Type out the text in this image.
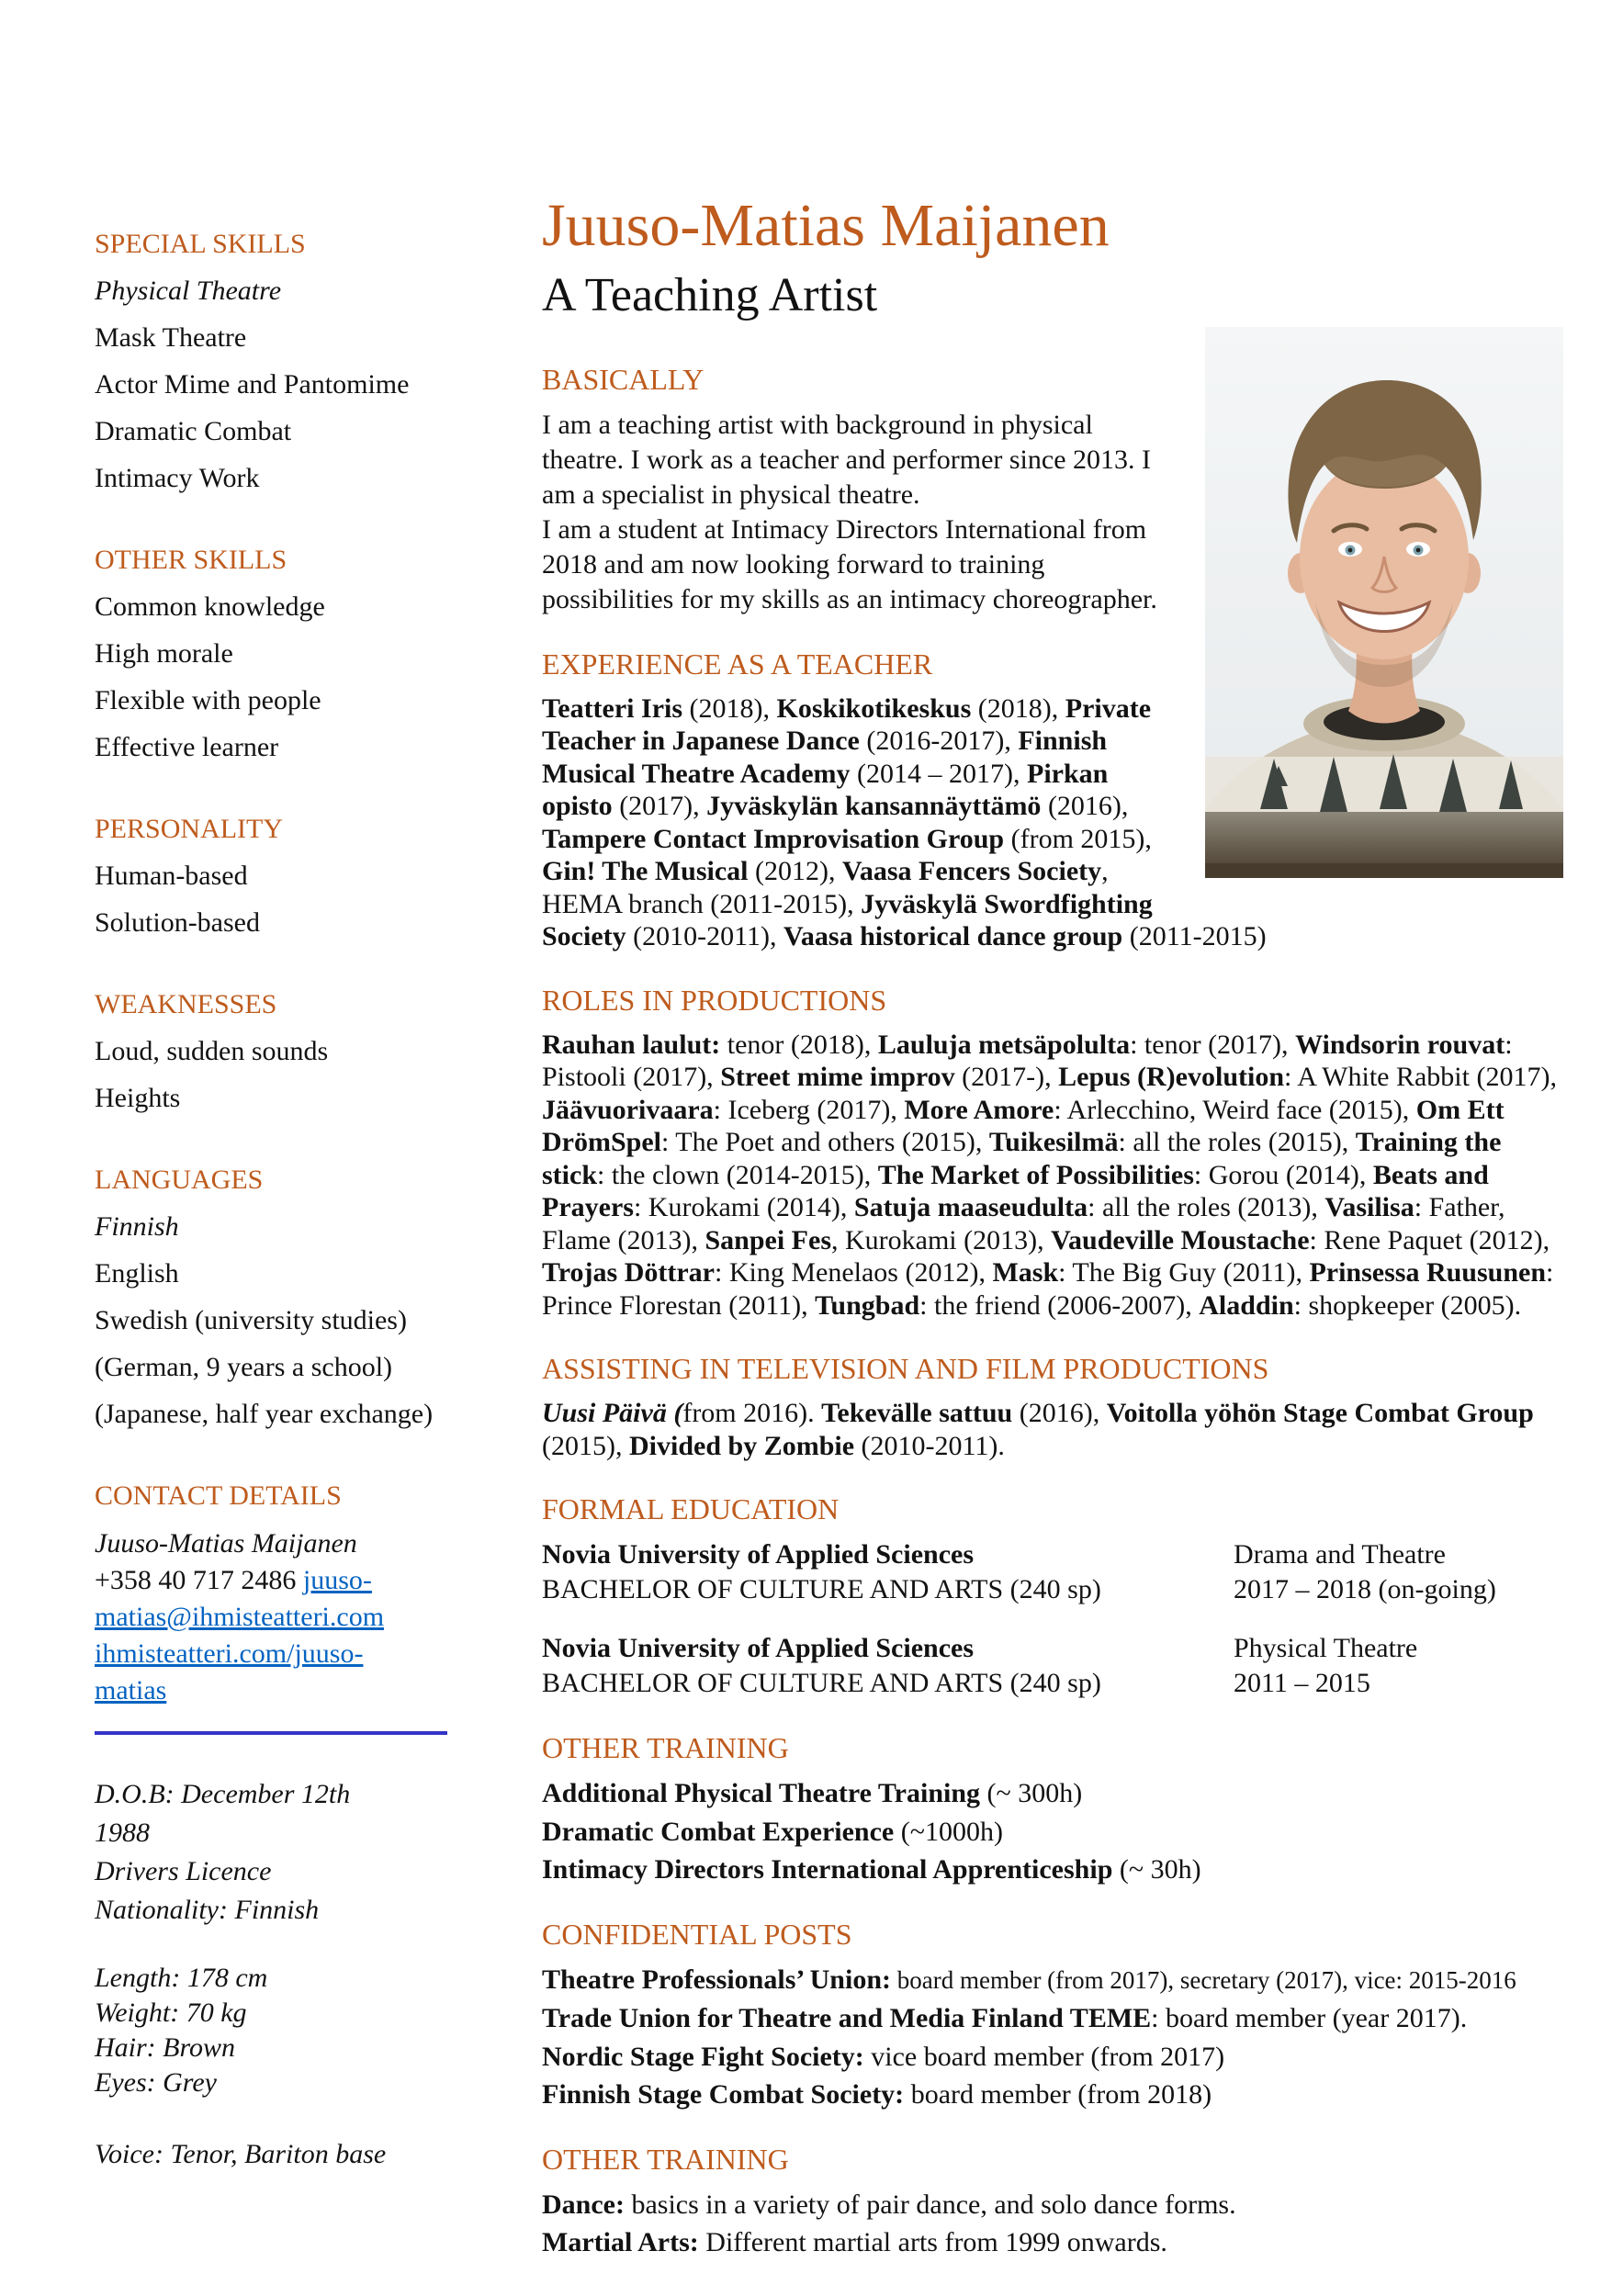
SPECIAL SKILLS
Physical Theatre
Mask Theatre
Actor Mime and Pantomime
Dramatic Combat
Intimacy Work
OTHER SKILLS
Common knowledge
High morale
Flexible with people
Effective learner
PERSONALITY
Human-based
Solution-based
WEAKNESSES
Loud, sudden sounds
Heights
LANGUAGES
Finnish
English
Swedish (university studies)
(German, 9 years a school)
(Japanese, half year exchange)
CONTACT DETAILS

Juuso-Matias Maijanen +358 40 717 2486 juuso-matias@ihmisteatteri.com ihmisteatteri.com/juuso-matias

D.O.B: December 12th 1988

Drivers Licence Nationality: Finnish

Length: 178 cm

Weight: 70 kg

Hair: Brown

Eyes: Grey

Voice: Tenor, Bariton base

Juuso-Matias Maijanen
A Teaching Artist
BASICALLY

I am a teaching artist with background in physical theatre. I work as a teacher and performer since 2013. I am a specialist in physical theatre.

I am a student at Intimacy Directors International from 2018 and am now looking forward to training possibilities for my skills as an intimacy choreographer.

EXPERIENCE AS A TEACHER

Teatteri Iris (2018), Koskikotikeskus (2018), Private Teacher in Japanese Dance (2016-2017), Finnish Musical Theatre Academy (2014 – 2017), Pirkan opisto (2017), Jyväskylän kansannäyttämö (2016), Tampere Contact Improvisation Group (from 2015), Gin! The Musical (2012), Vaasa Fencers Society, HEMA branch (2011-2015), Jyväskylä Swordfighting Society (2010-2011), Vaasa historical dance group (2011-2015)

ROLES IN PRODUCTIONS

Rauhan laulut: tenor (2018), Lauluja metsäpolulta: tenor (2017), Windsorin rouvat: Pistooli (2017), Street mime improv (2017-), Lepus (R)evolution: A White Rabbit (2017), Jäävuorivaara: Iceberg (2017), More Amore: Arlecchino, Weird face (2015), Om Ett DrömSpel: The Poet and others (2015), Tuikesilmä: all the roles (2015), Training the stick: the clown (2014-2015), The Market of Possibilities: Gorou (2014), Beats and Prayers: Kurokami (2014), Satuja maaseudulta: all the roles (2013), Vasilisa: Father, Flame (2013), Sanpei Fes, Kurokami (2013), Vaudeville Moustache: Rene Paquet (2012), Trojas Döttrar: King Menelaos (2012), Mask: The Big Guy (2011), Prinsessa Ruusunen: Prince Florestan (2011), Tungbad: the friend (2006-2007), Aladdin: shopkeeper (2005).

ASSISTING IN TELEVISION AND FILM PRODUCTIONS

Uusi Päivä (from 2016). Tekevälle sattuu (2016), Voitolla yöhön Stage Combat Group (2015), Divided by Zombie (2010-2011).

FORMAL EDUCATION
Novia University of Applied Sciences
BACHELOR OF CULTURE AND ARTS (240 sp)
Drama and Theatre
2017 – 2018 (on-going)
Novia University of Applied Sciences
BACHELOR OF CULTURE AND ARTS (240 sp)
Physical Theatre
2011 – 2015
OTHER TRAINING

Additional Physical Theatre Training (~ 300h)

Dramatic Combat Experience (~1000h)

Intimacy Directors International Apprenticeship (~ 30h)

CONFIDENTIAL POSTS

Theatre Professionals’ Union: board member (from 2017), secretary (2017), vice: 2015-2016

Trade Union for Theatre and Media Finland TEME: board member (year 2017).

Nordic Stage Fight Society: vice board member (from 2017)

Finnish Stage Combat Society: board member (from 2018)

OTHER TRAINING

Dance: basics in a variety of pair dance, and solo dance forms.

Martial Arts: Different martial arts from 1999 onwards.
